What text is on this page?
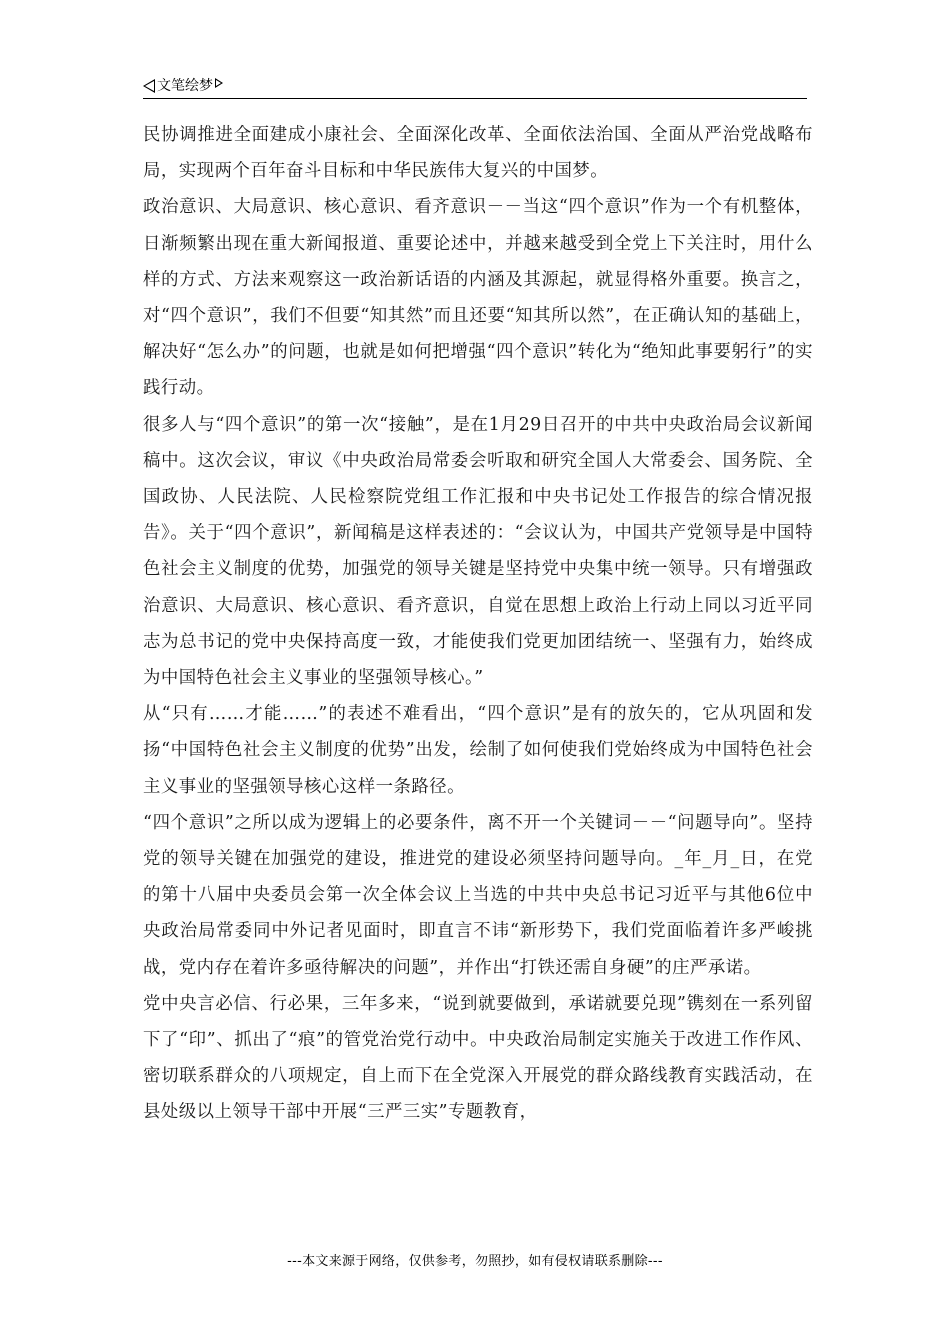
文笔绘梦

民协调推进全面建成小康社会、全面深化改革、全面依法治国、全面从严治党战略布局，实现两个百年奋斗目标和中华民族伟大复兴的中国梦。

政治意识、大局意识、核心意识、看齐意识－－当这“四个意识”作为一个有机整体，日渐频繁出现在重大新闻报道、重要论述中，并越来越受到全党上下关注时，用什么样的方式、方法来观察这一政治新话语的内涵及其源起，就显得格外重要。换言之，对“四个意识”，我们不但要“知其然”而且还要“知其所以然”，在正确认知的基础上，解决好“怎么办”的问题，也就是如何把增强“四个意识”转化为“绝知此事要躬行”的实践行动。

很多人与“四个意识”的第一次“接触”，是在1月29日召开的中共中央政治局会议新闻稿中。这次会议，审议《中央政治局常委会听取和研究全国人大常委会、国务院、全国政协、人民法院、人民检察院党组工作汇报和中央书记处工作报告的综合情况报告》。关于“四个意识”，新闻稿是这样表述的：“会议认为，中国共产党领导是中国特色社会主义制度的优势，加强党的领导关键是坚持党中央集中统一领导。只有增强政治意识、大局意识、核心意识、看齐意识，自觉在思想上政治上行动上同以习近平同志为总书记的党中央保持高度一致，才能使我们党更加团结统一、坚强有力，始终成为中国特色社会主义事业的坚强领导核心。”

从“只有……才能……”的表述不难看出，“四个意识”是有的放矢的，它从巩固和发扬“中国特色社会主义制度的优势”出发，绘制了如何使我们党始终成为中国特色社会主义事业的坚强领导核心这样一条路径。

“四个意识”之所以成为逻辑上的必要条件，离不开一个关键词－－“问题导向”。坚持党的领导关键在加强党的建设，推进党的建设必须坚持问题导向。_年_月_日，在党的第十八届中央委员会第一次全体会议上当选的中共中央总书记习近平与其他6位中央政治局常委同中外记者见面时，即直言不讳“新形势下，我们党面临着许多严峻挑战，党内存在着许多亟待解决的问题”，并作出“打铁还需自身硬”的庄严承诺。

党中央言必信、行必果，三年多来，“说到就要做到，承诺就要兑现”镌刻在一系列留下了“印”、抓出了“痕”的管党治党行动中。中央政治局制定实施关于改进工作作风、密切联系群众的八项规定，自上而下在全党深入开展党的群众路线教育实践活动，在县处级以上领导干部中开展“三严三实”专题教育，

---本文来源于网络，仅供参考，勿照抄，如有侵权请联系删除---
